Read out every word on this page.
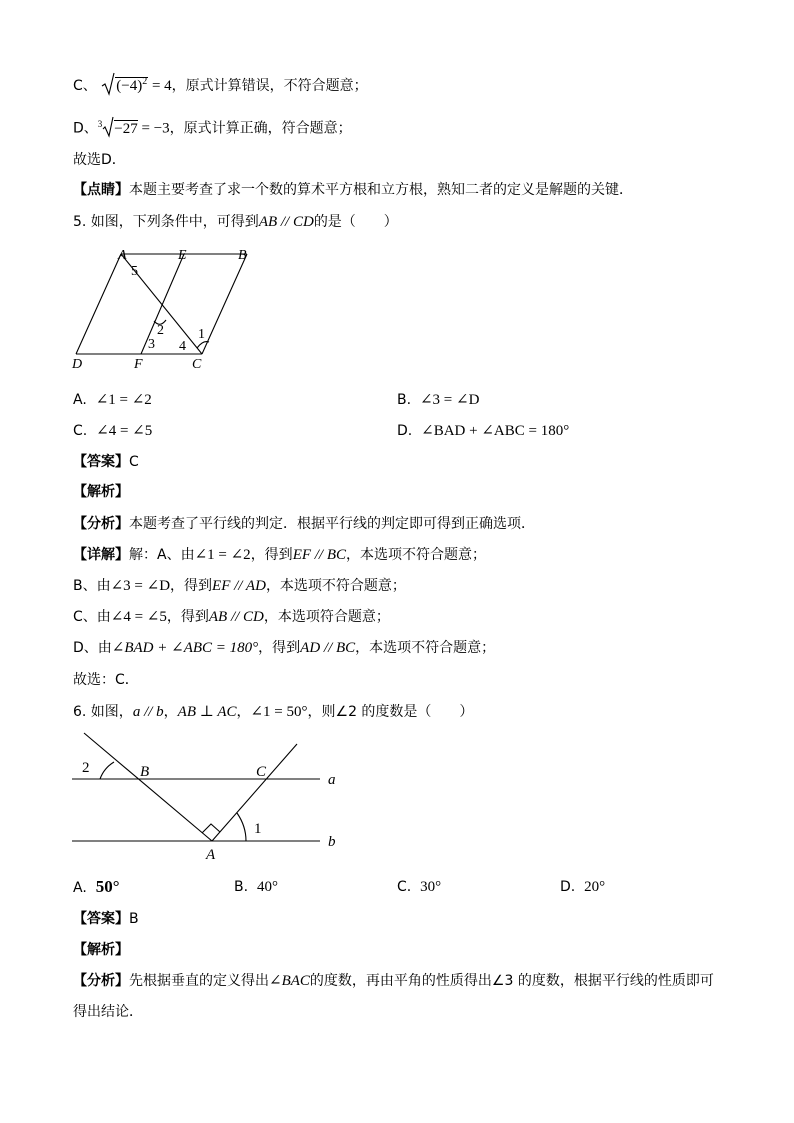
C、 $(-4)^2 = 4$，原式计算错误，不符合题意；
D、$^3$ −27 = −3，原式计算正确，符合题意；
故选D．
【点睛】本题主要考查了求一个数的算术平方根和立方根，熟知二者的定义是解题的关键．
5. 如图，下列条件中，可得到AB // CD的是（　　）
A	E	B
D	F	C
5
2
3 4
1
A. ∠1 = ∠2	B. ∠3 = ∠D
C. ∠4 = ∠5	D. ∠BAD + ∠ABC = 180°
【答案】C
【解析】
【分析】本题考查了平行线的判定．根据平行线的判定即可得到正确选项．
【详解】解：A、由∠1 = ∠2，得到EF // BC，本选项不符合题意；
B、由∠3 = ∠D，得到EF // AD，本选项不符合题意；
C、由∠4 = ∠5，得到AB // CD，本选项符合题意；
D、由∠BAD + ∠ABC = 180°，得到AD // BC，本选项不符合题意；
故选：C．
6. 如图，a // b，AB ⊥ AC，∠1 = 50°，则∠2 的度数是（　　）
2	B	C	a
1
b
A
A. 50°	B. 40°	C. 30°	D. 20°
【答案】B
【解析】
【分析】先根据垂直的定义得出∠BAC的度数，再由平角的性质得出∠3 的度数，根据平行线的性质即可
得出结论．
